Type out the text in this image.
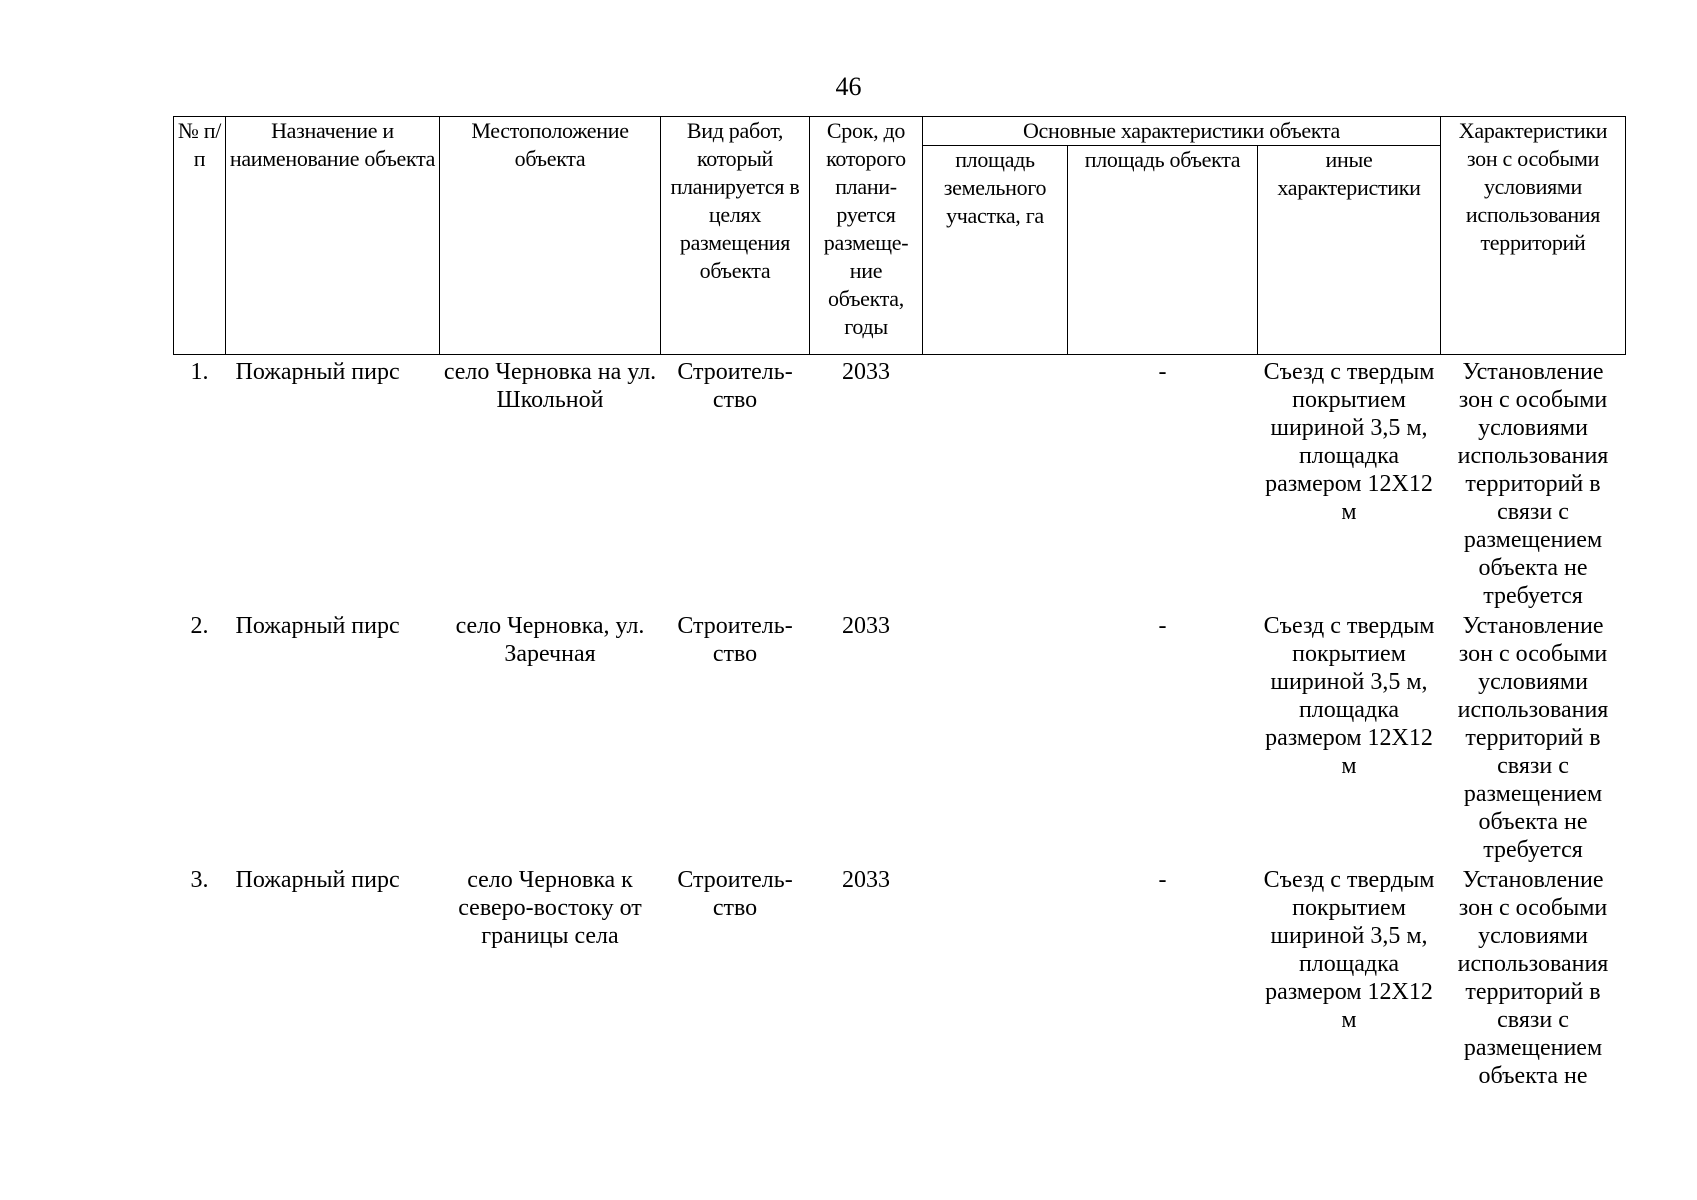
46
№ п/п	Назначение и наименование объекта	Местоположение объекта	Вид работ, который планируется в целях размещения объекта	Срок, до которого плани-руется размеще-ние объекта, годы	Основные характеристики объекта			Характеристики зон с особыми условиями использования территорий
					площадь земельного участка, га	площадь объекта	иные характеристики	
1.	Пожарный пирс	село Черновка на ул. Школьной	Строитель-ство	2033		-	Съезд с твердым покрытием шириной 3,5 м, площадка размером 12Х12 м	Установление зон с особыми условиями использования территорий в связи с размещением объекта не требуется
2.	Пожарный пирс	село Черновка, ул. Заречная	Строитель-ство	2033		-	Съезд с твердым покрытием шириной 3,5 м, площадка размером 12Х12 м	Установление зон с особыми условиями использования территорий в связи с размещением объекта не требуется
3.	Пожарный пирс	село Черновка к северо-востоку от границы села	Строитель-ство	2033		-	Съезд с твердым покрытием шириной 3,5 м, площадка размером 12Х12 м	Установление зон с особыми условиями использования территорий в связи с размещением объекта не
